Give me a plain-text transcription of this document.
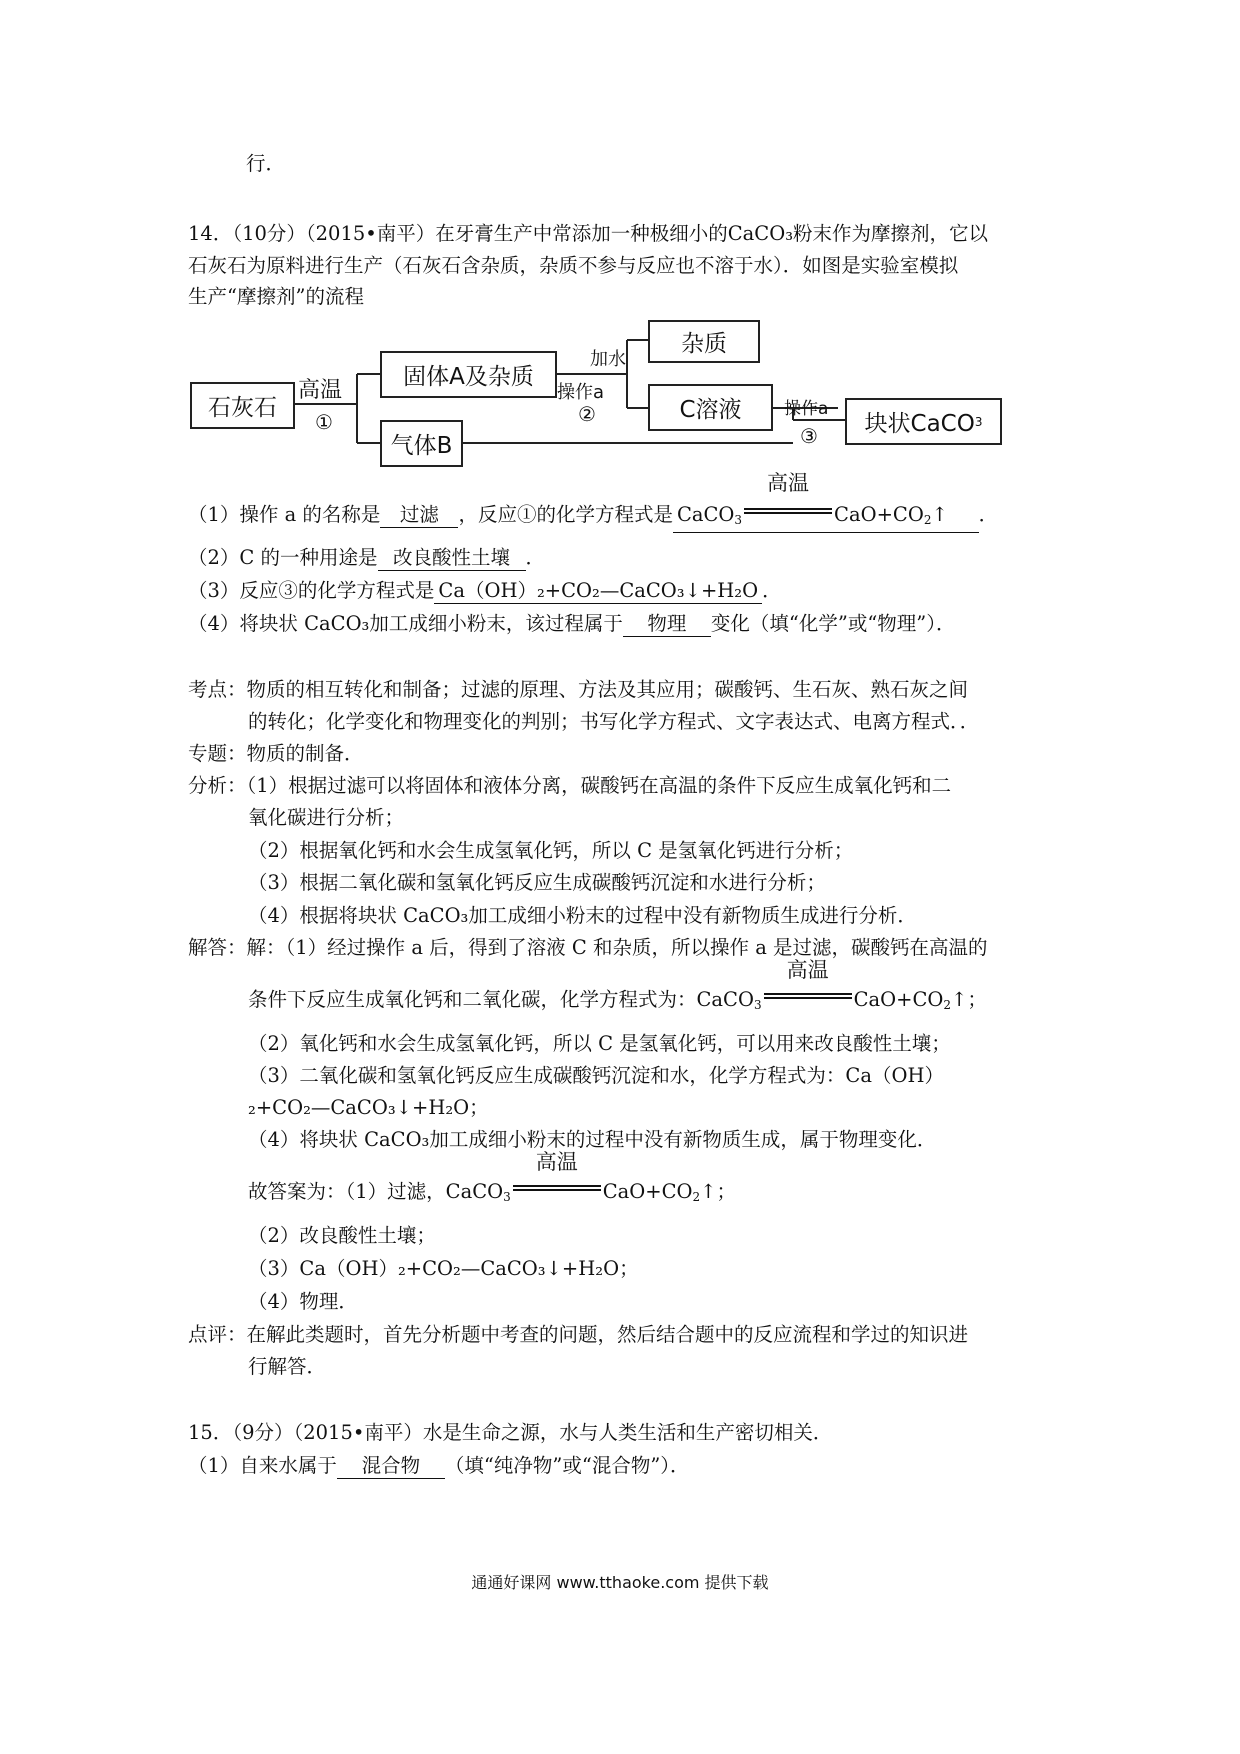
行．
14．（10分）（2015•南平）在牙膏生产中常添加一种极细小的CaCO₃粉末作为摩擦剂，它以
石灰石为原料进行生产（石灰石含杂质，杂质不参与反应也不溶于水）．如图是实验室模拟
生产“摩擦剂”的流程
石灰石
固体A及杂质
气体B
杂质
C溶液
块状CaCO 3
高温
①
加水
操作a
②	操作a
③
（1）操作 a 的名称是 过滤 ，反应①的化学方程式是 CaCO$_3$
高温
$CaO+CO_2↑$    ．
（2）C 的一种用途是 改良酸性土壤 ．
（3）反应③的化学方程式是 Ca（OH）₂+CO₂—CaCO₃↓+H₂O ．
（4）将块状 CaCO₃加工成细小粉末，该过程属于 物理 变化（填“化学”或“物理”）．
考点：物质的相互转化和制备；过滤的原理、方法及其应用；碳酸钙、生石灰、熟石灰之间
的转化；化学变化和物理变化的判别；书写化学方程式、文字表达式、电离方程式．．
专题：物质的制备．
分析：（1）根据过滤可以将固体和液体分离，碳酸钙在高温的条件下反应生成氧化钙和二
氧化碳进行分析；
（2）根据氧化钙和水会生成氢氧化钙，所以 C 是氢氧化钙进行分析；
（3）根据二氧化碳和氢氧化钙反应生成碳酸钙沉淀和水进行分析；
（4）根据将块状 CaCO₃加工成细小粉末的过程中没有新物质生成进行分析．
解答：解：（1）经过操作 a 后，得到了溶液 C 和杂质，所以操作 a 是过滤，碳酸钙在高温的
条件下反应生成氧化钙和二氧化碳，化学方程式为：CaCO$_3$
高温
$CaO+CO_2↑$；
（2）氧化钙和水会生成氢氧化钙，所以 C 是氢氧化钙，可以用来改良酸性土壤；
（3）二氧化碳和氢氧化钙反应生成碳酸钙沉淀和水，化学方程式为：Ca（OH）
₂+CO₂—CaCO₃↓+H₂O；
（4）将块状 CaCO₃加工成细小粉末的过程中没有新物质生成，属于物理变化．
故答案为：（1）过滤，CaCO$_3$
高温
$CaO+CO_2↑$；
（2）改良酸性土壤；
（3）Ca（OH）₂+CO₂—CaCO₃↓+H₂O；
（4）物理．
点评：在解此类题时，首先分析题中考查的问题，然后结合题中的反应流程和学过的知识进
行解答．
15．（9分）（2015•南平）水是生命之源，水与人类生活和生产密切相关．
（1）自来水属于 混合物 （填“纯净物”或“混合物”）．
通通好课网 www.tthaoke.com 提供下载
